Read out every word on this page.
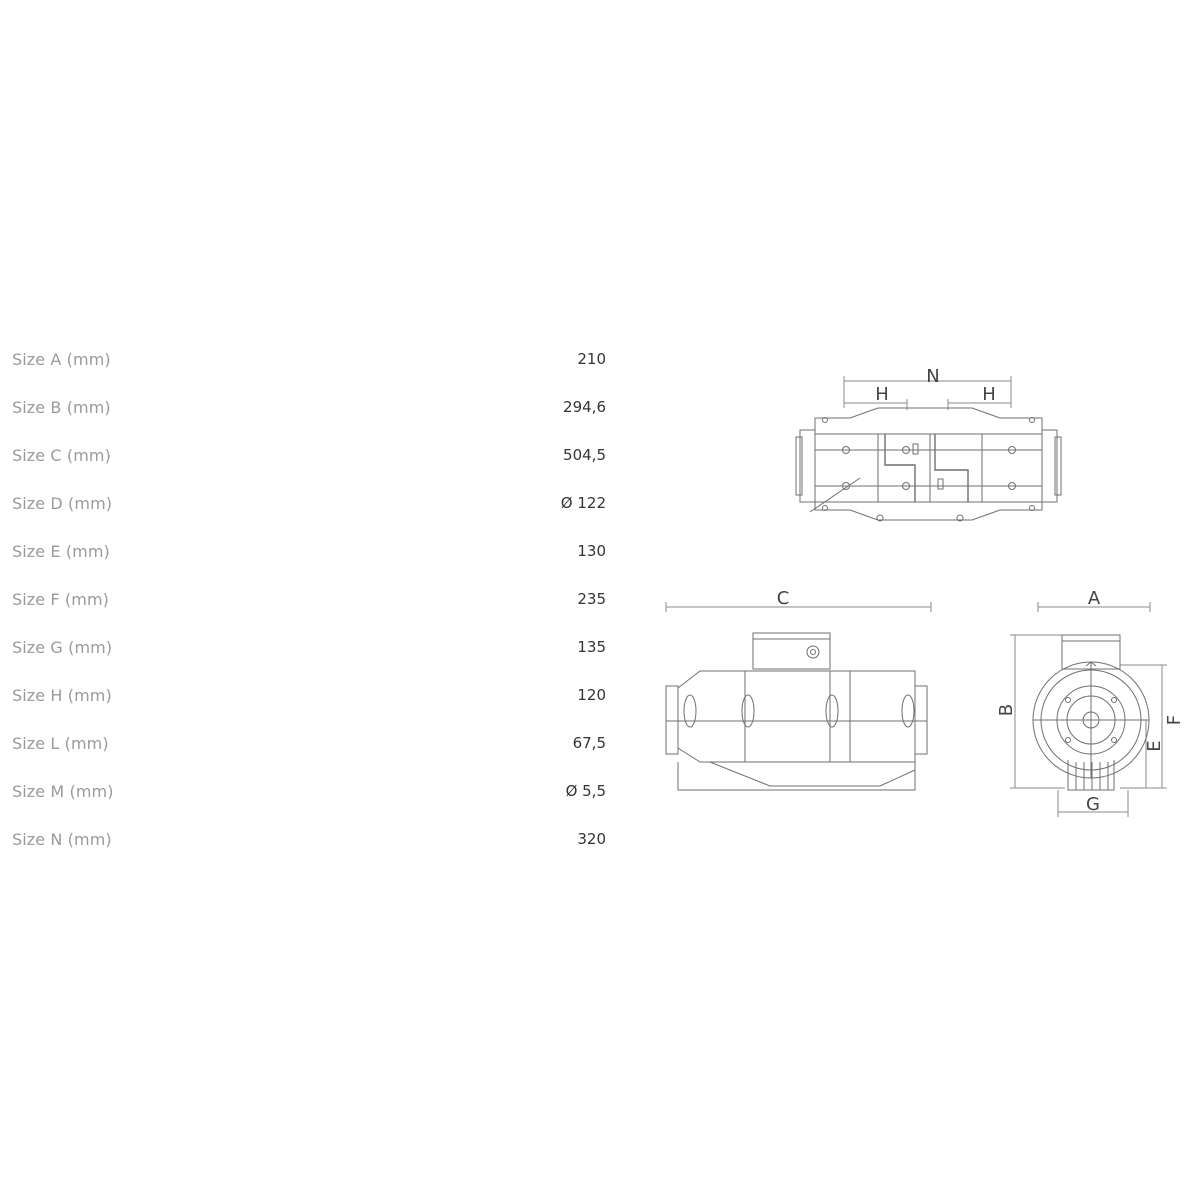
Size A (mm)	210
Size B (mm)	294,6
Size C (mm)	504,5
Size D (mm)	Ø 122
Size E (mm)	130
Size F (mm)	235
Size G (mm)	135
Size H (mm)	120
Size L (mm)	67,5
Size M (mm)	Ø 5,5
Size N (mm)	320
N
H	H
C	A
B
E
F
G
